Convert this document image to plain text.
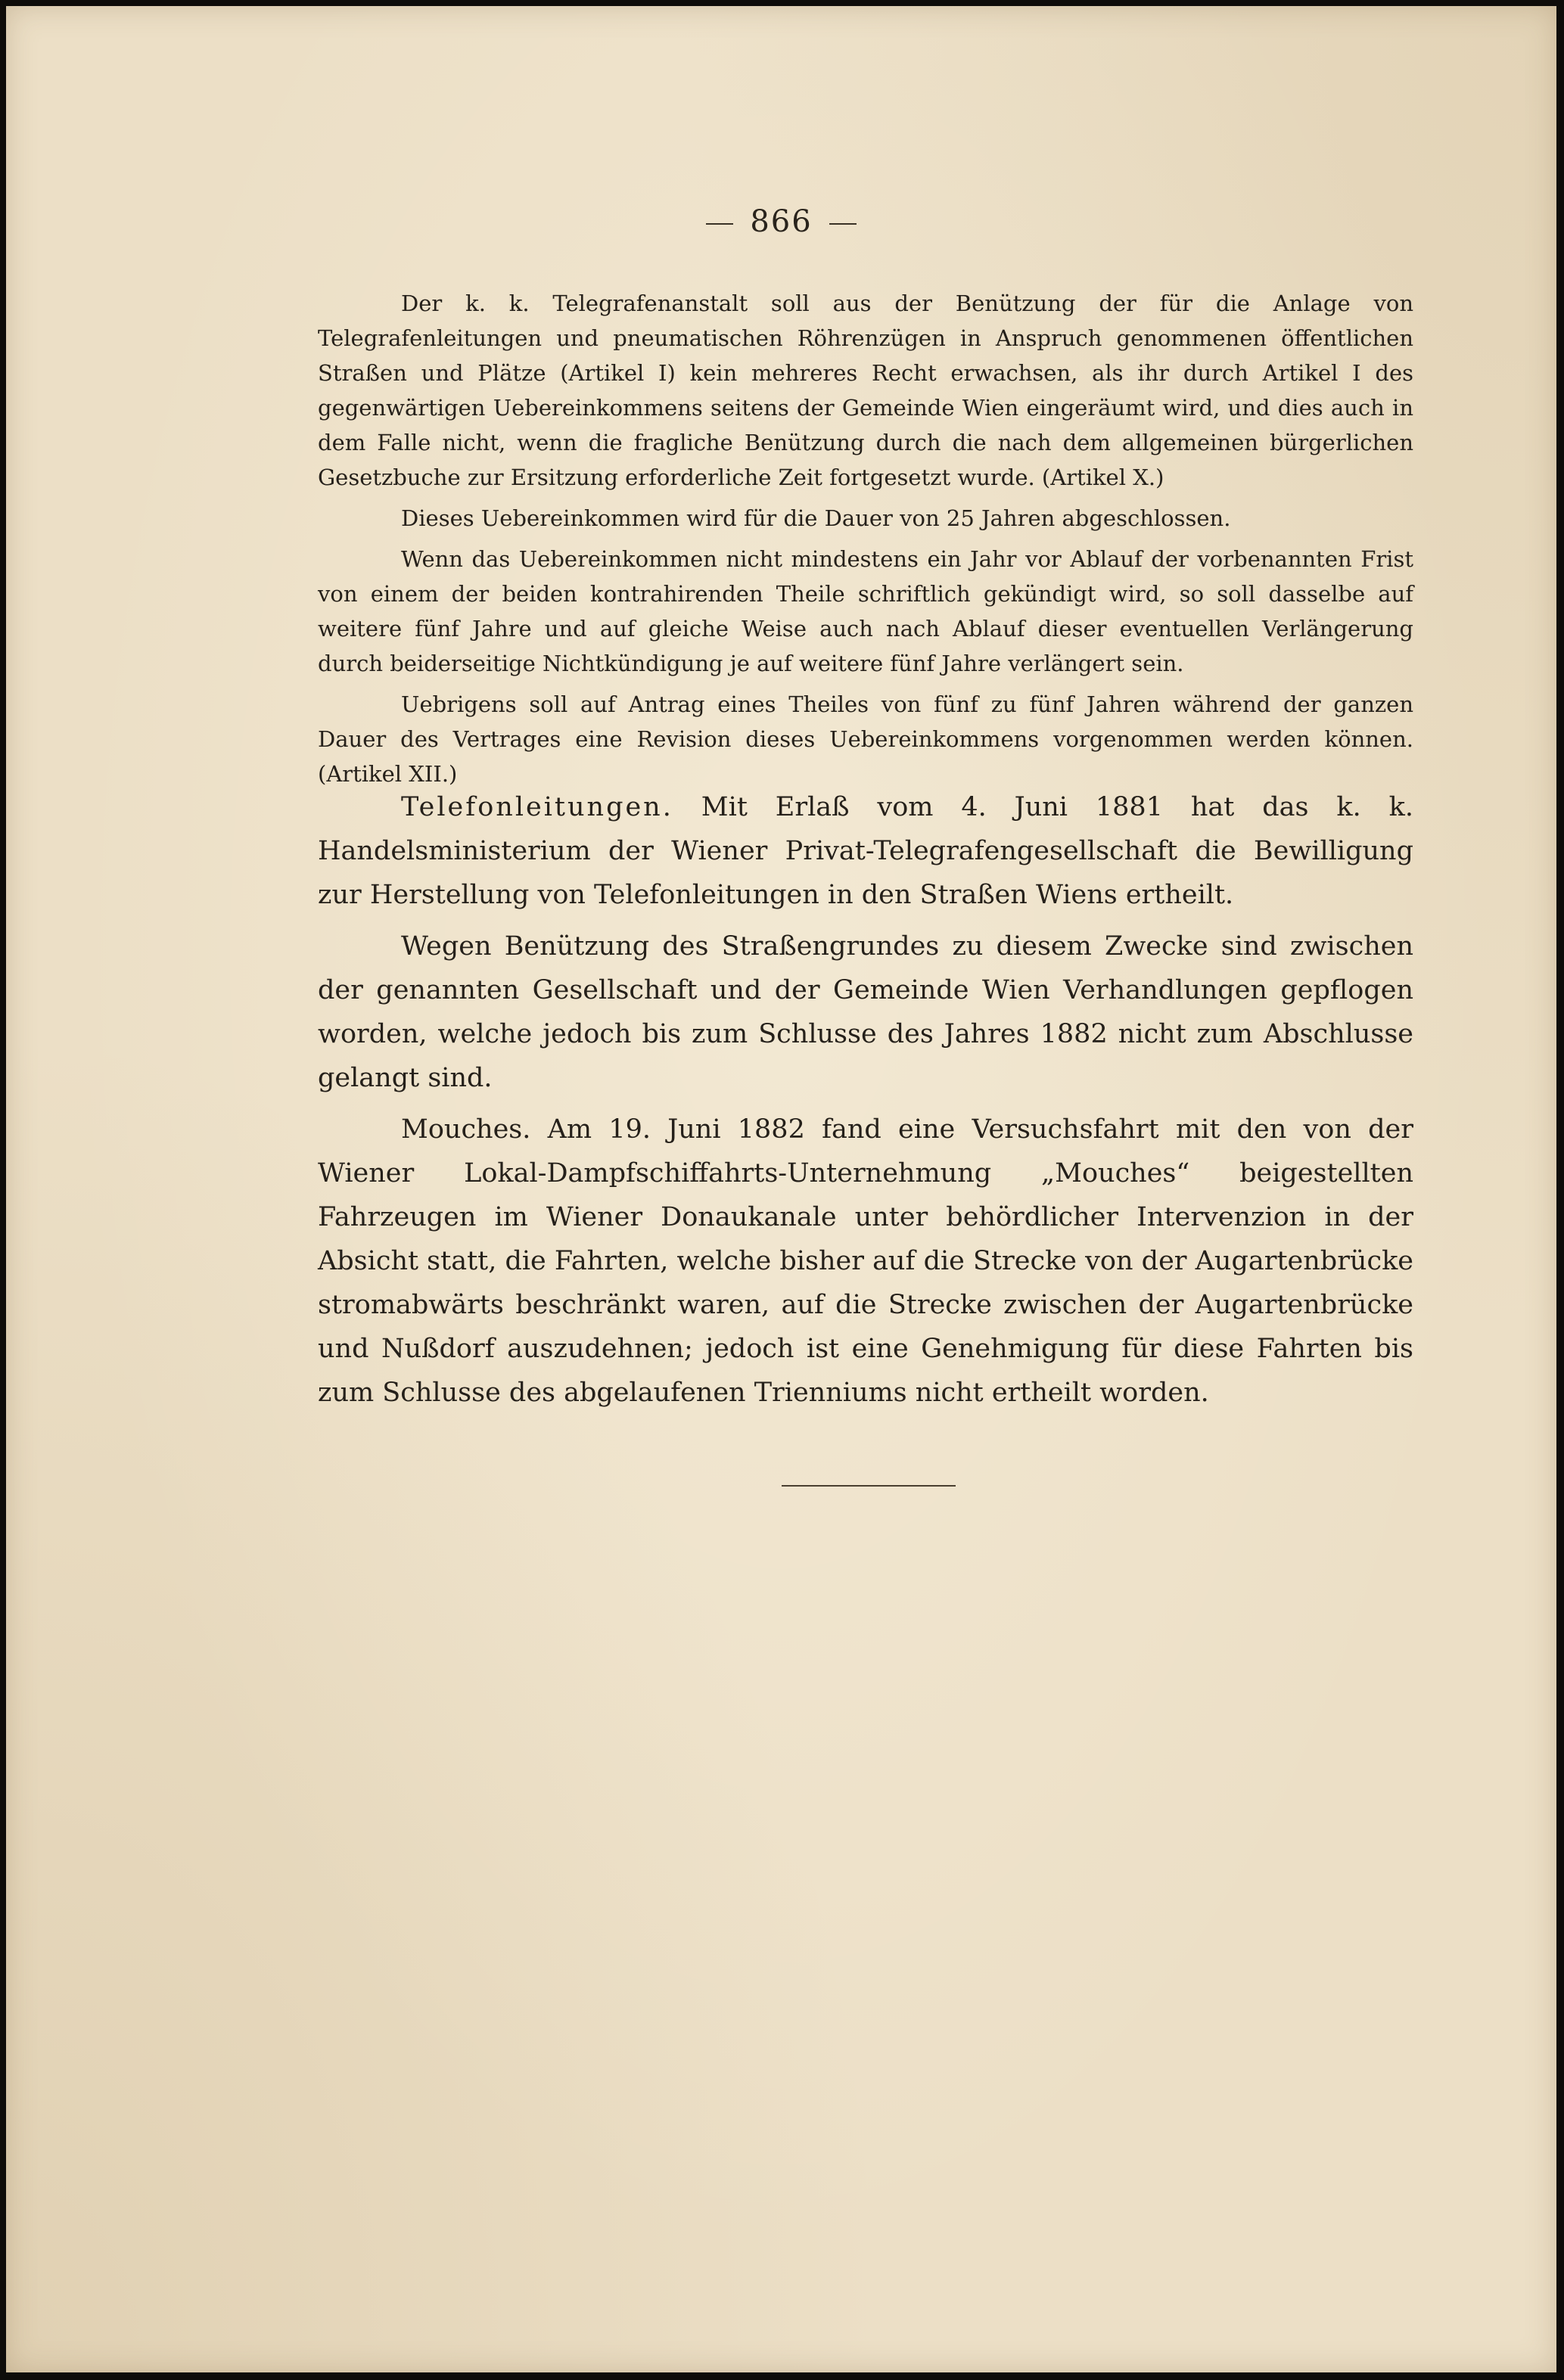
866

Der k. k. Telegrafenanstalt soll aus der Benützung der für die Anlage von Telegrafenleitungen und pneumatischen Röhrenzügen in Anspruch genommenen öffentlichen Straßen und Plätze (Artikel I) kein mehreres Recht erwachsen, als ihr durch Artikel I des gegenwärtigen Uebereinkommens seitens der Gemeinde Wien eingeräumt wird, und dies auch in dem Falle nicht, wenn die fragliche Benützung durch die nach dem allgemeinen bürgerlichen Gesetzbuche zur Ersitzung erforderliche Zeit fortgesetzt wurde. (Artikel X.)

Dieses Uebereinkommen wird für die Dauer von 25 Jahren abgeschlossen.

Wenn das Uebereinkommen nicht mindestens ein Jahr vor Ablauf der vorbenannten Frist von einem der beiden kontrahirenden Theile schriftlich gekündigt wird, so soll dasselbe auf weitere fünf Jahre und auf gleiche Weise auch nach Ablauf dieser eventuellen Verlängerung durch beiderseitige Nichtkündigung je auf weitere fünf Jahre verlängert sein.

Uebrigens soll auf Antrag eines Theiles von fünf zu fünf Jahren während der ganzen Dauer des Vertrages eine Revision dieses Uebereinkommens vorgenommen werden können. (Artikel XII.)

Telefonleitungen. Mit Erlaß vom 4. Juni 1881 hat das k. k. Handelsministerium der Wiener Privat-Telegrafengesellschaft die Bewilligung zur Herstellung von Telefonleitungen in den Straßen Wiens ertheilt.

Wegen Benützung des Straßengrundes zu diesem Zwecke sind zwischen der genannten Gesellschaft und der Gemeinde Wien Verhandlungen gepflogen worden, welche jedoch bis zum Schlusse des Jahres 1882 nicht zum Abschlusse gelangt sind.

Mouches. Am 19. Juni 1882 fand eine Versuchsfahrt mit den von der Wiener Lokal-Dampfschiffahrts-Unternehmung „Mouches“ beigestellten Fahrzeugen im Wiener Donaukanale unter behördlicher Intervenzion in der Absicht statt, die Fahrten, welche bisher auf die Strecke von der Augartenbrücke stromabwärts beschränkt waren, auf die Strecke zwischen der Augartenbrücke und Nußdorf auszudehnen; jedoch ist eine Genehmigung für diese Fahrten bis zum Schlusse des abgelaufenen Trienniums nicht ertheilt worden.
